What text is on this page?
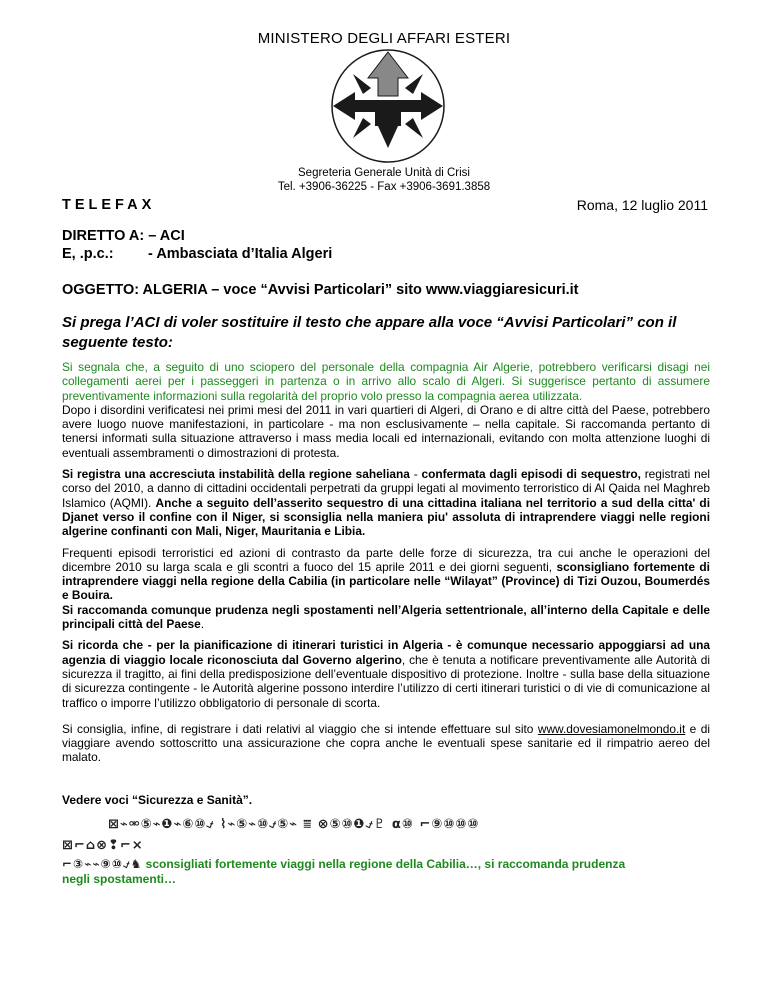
MINISTERO DEGLI AFFARI ESTERI
Segreteria Generale Unità di Crisi
Tel. +3906-36225 - Fax +3906-3691.3858
TELEFAX	Roma, 12 luglio 2011
DIRETTO A: – ACI
E, .p.c.: - Ambasciata d’Italia Algeri
OGGETTO: ALGERIA – voce “Avvisi Particolari” sito www.viaggiaresicuri.it
Si prega l’ACI di voler sostituire il testo che appare alla voce “Avvisi Particolari” con il seguente testo:

Si segnala che, a seguito di uno sciopero del personale della compagnia Air Algerie, potrebbero verificarsi disagi nei collegamenti aerei per i passeggeri in partenza o in arrivo allo scalo di Algeri. Si suggerisce pertanto di assumere preventivamente informazioni sulla regolarità del proprio volo presso la compagnia aerea utilizzata.
Dopo i disordini verificatesi nei primi mesi del 2011 in vari quartieri di Algeri, di Orano e di altre città del Paese, potrebbero avere luogo nuove manifestazioni, in particolare - ma non esclusivamente – nella capitale. Si raccomanda pertanto di tenersi informati sulla situazione attraverso i mass media locali ed internazionali, evitando con molta attenzione luoghi di eventuali assembramenti o dimostrazioni di protesta.

Si registra una accresciuta instabilità della regione saheliana - confermata dagli episodi di sequestro, registrati nel corso del 2010, a danno di cittadini occidentali perpetrati da gruppi legati al movimento terroristico di Al Qaida nel Maghreb Islamico (AQMI). Anche a seguito dell’asserito sequestro di una cittadina italiana nel territorio a sud della citta' di Djanet verso il confine con il Niger, si sconsiglia nella maniera piu' assoluta di intraprendere viaggi nelle regioni algerine confinanti con Mali, Niger, Mauritania e Libia.

Frequenti episodi terroristici ed azioni di contrasto da parte delle forze di sicurezza, tra cui anche le operazioni del dicembre 2010 su larga scala e gli scontri a fuoco del 15 aprile 2011 e dei giorni seguenti, sconsigliano fortemente di intraprendere viaggi nella regione della Cabilia (in particolare nelle “Wilayat” (Province) di Tizi Ouzou, Boumerdés e Bouira.
Si raccomanda comunque prudenza negli spostamenti nell’Algeria settentrionale, all’interno della Capitale e delle principali città del Paese.

Si ricorda che - per la pianificazione di itinerari turistici in Algeria - è comunque necessario appoggiarsi ad una agenzia di viaggio locale riconosciuta dal Governo algerino, che è tenuta a notificare preventivamente alle Autorità di sicurezza il tragitto, ai fini della predisposizione dell’eventuale dispositivo di protezione. Inoltre - sulla base della situazione di sicurezza contingente - le Autorità algerine possono interdire l’utilizzo di certi itinerari turistici o di vie di comunicazione al traffico o imporre l’utilizzo obbligatorio di personale di scorta.

Si consiglia, infine, di registrare i dati relativi al viaggio che si intende effettuare sul sito www.dovesiamonelmondo.it e di viaggiare avendo sottoscritto una assicurazione che copra anche le eventuali spese sanitarie ed il rimpatrio aereo del malato.

Vedere voci “Sicurezza e Sanità”.
⊠⌁⚮⑤⌁❶⌁⑥⑩⍻ ⌇⌁⑤⌁⑩⍻⑤⌁ ⩸ ⊗⑤⑩❶⍻♇ ⍺⑩ ⌐⑨⑩⑩⑩
⊠⌐⌂⊗❢⌐⨯
⌐③⌁⌁⑨⑩⍻♞ sconsigliati fortemente viaggi nella regione della Cabilia…, si raccomanda prudenza
negli spostamenti…
